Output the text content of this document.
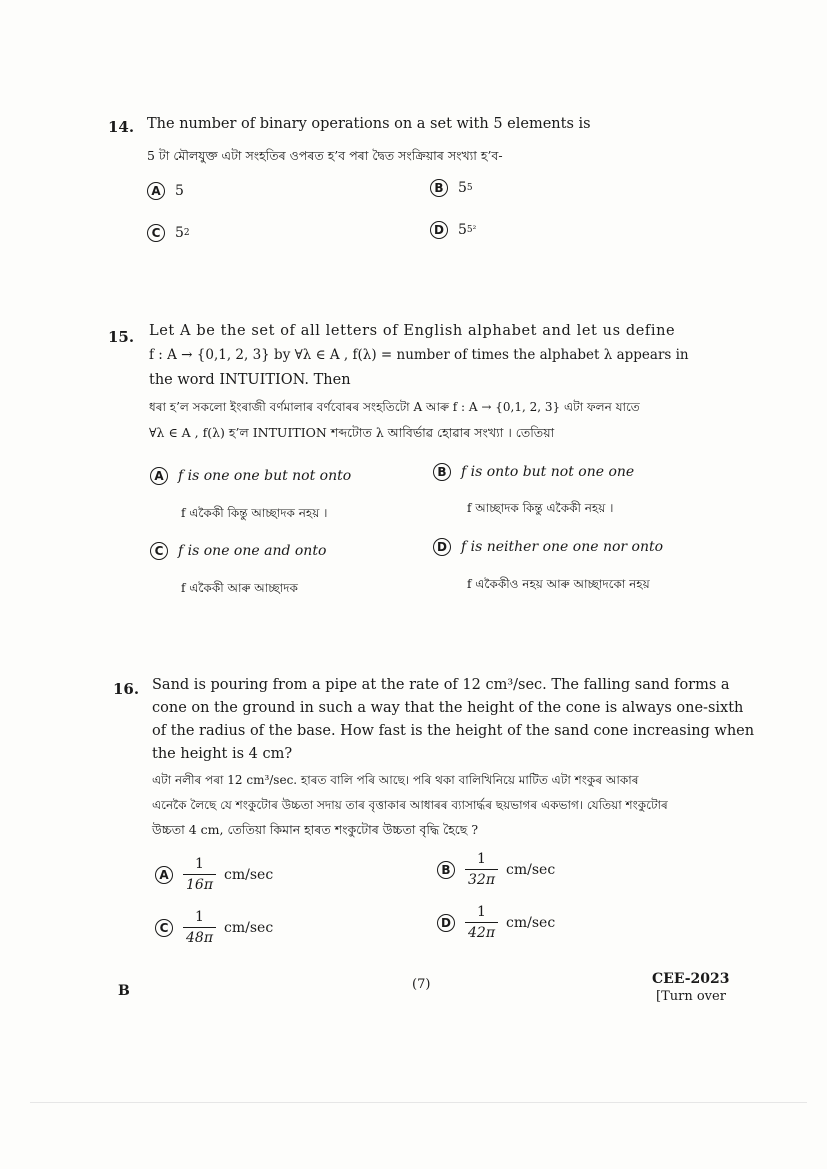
14. The number of binary operations on a set with 5 elements is
5 টা মৌলযুক্ত এটা সংহতিৰ ওপৰত হ’ব পৰা দ্বৈত সংক্ৰিয়াৰ সংখ্যা হ’ব-
A	5	B	5 5
C	5 2	D 5 5²
15. Let A be the set of all letters of English alphabet and let us define
f : A → {0,1, 2, 3} by ∀λ ∈ A , f(λ) = number of times the alphabet λ appears in
the word INTUITION. Then
ধৰা হ’ল সকলো ইংৰাজী বৰ্ণমালাৰ বৰ্ণবোৰৰ সংহতিটো A আৰু f : A → {0,1, 2, 3} এটা ফলন যাতে
∀λ ∈ A , f(λ) হ’ল INTUITION শব্দটোত λ আবিৰ্ভাৱ হোৱাৰ সংখ্যা । তেতিয়া
A	f is one one but not onto
f একৈকী কিন্তু আচ্ছাদক নহয় ।
B	f is onto but not one one
f আচ্ছাদক কিন্তু একৈকী নহয় ।
C	f is one one and onto
f একৈকী আৰু আচ্ছাদক
D f is neither one one nor onto
f একৈকীও নহয় আৰু আচ্ছাদকো নহয়
16. Sand is pouring from a pipe at the rate of 12 cm³/sec. The falling sand forms a
cone on the ground in such a way that the height of the cone is always one-sixth
of the radius of the base. How fast is the height of the sand cone increasing when
the height is 4 cm?
এটা নলীৰ পৰা 12 cm³/sec. হাৰত বালি পৰি আছে। পৰি থকা বালিখিনিয়ে মাটিত এটা শংকুৰ আকাৰ
এনেকৈ লৈছে যে শংকুটোৰ উচ্চতা সদায় তাৰ বৃত্তাকাৰ আধাৰৰ ব্যাসাৰ্দ্ধৰ ছয়ভাগৰ একভাগ। যেতিয়া শংকুটোৰ
উচ্চতা 4 cm, তেতিয়া কিমান হাৰত শংকুটোৰ উচ্চতা বৃদ্ধি হৈছে ?
A	$\frac{1}{16\pi} cm/\sec$	B	$\frac{1}{32\pi} cm/\sec$
C	$\frac{1}{48\pi} cm/\sec$	D $\frac{1}{42\pi} cm/\sec$
B	(7)	CEE-2023
[Turn over
